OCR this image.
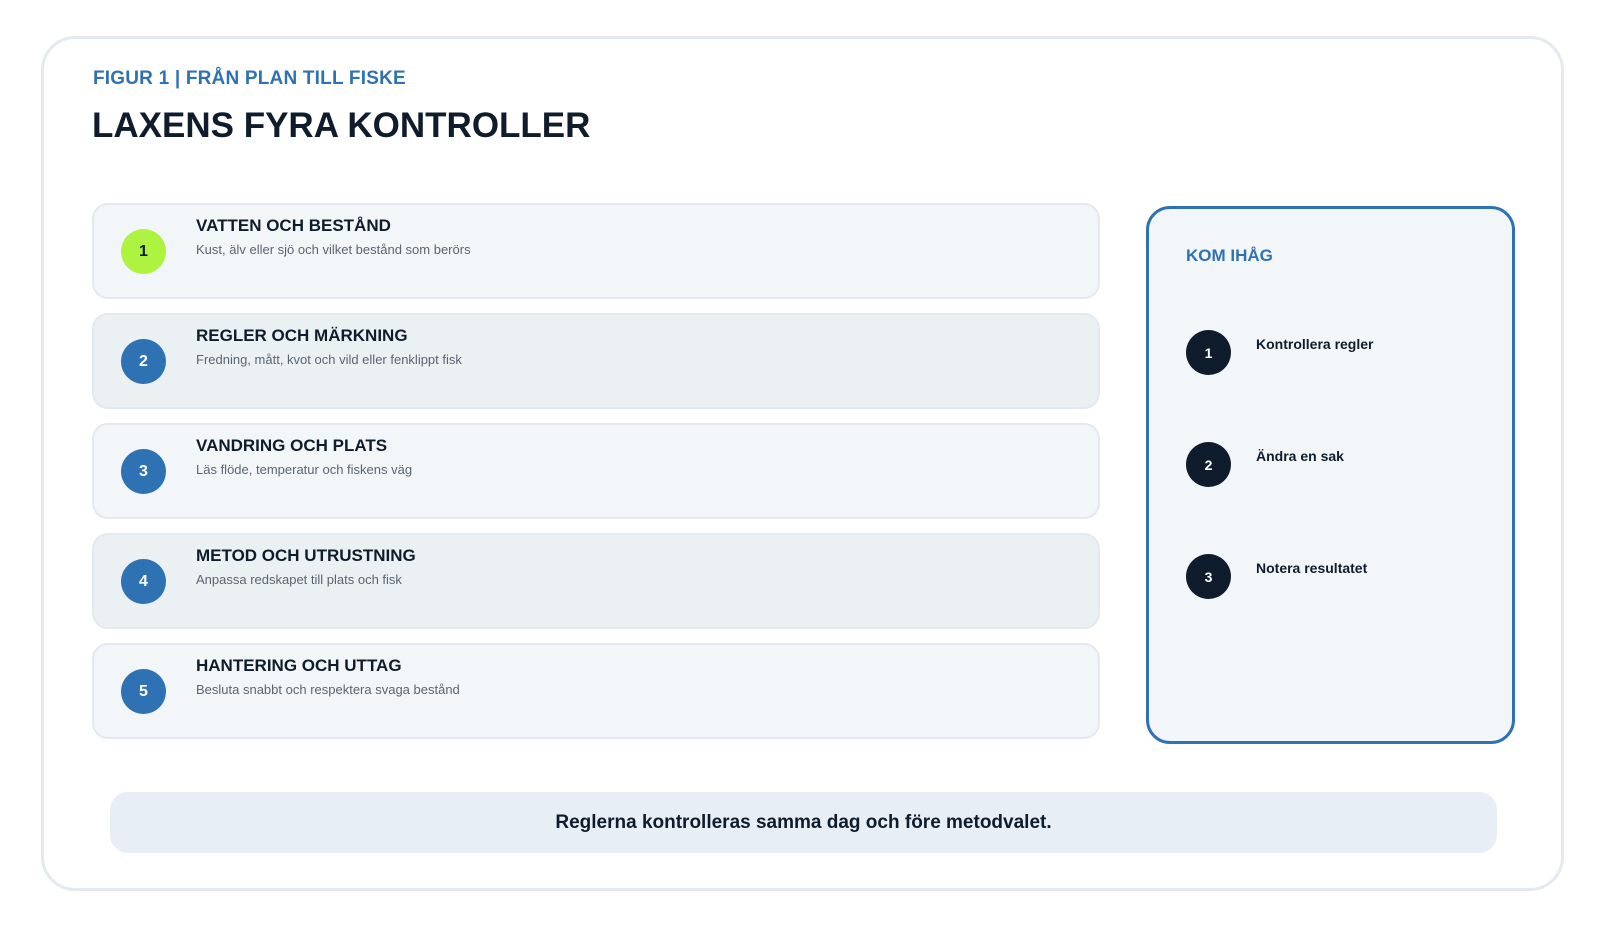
FIGUR 1 | FRÅN PLAN TILL FISKE
LAXENS FYRA KONTROLLER
1
VATTEN OCH BESTÅND
Kust, älv eller sjö och vilket bestånd som berörs
2
REGLER OCH MÄRKNING
Fredning, mått, kvot och vild eller fenklippt fisk
3
VANDRING OCH PLATS
Läs flöde, temperatur och fiskens väg
4
METOD OCH UTRUSTNING
Anpassa redskapet till plats och fisk
5
HANTERING OCH UTTAG
Besluta snabbt och respektera svaga bestånd
KOM IHÅG
1
Kontrollera regler
2
Ändra en sak
3
Notera resultatet
Reglerna kontrolleras samma dag och före metodvalet.
